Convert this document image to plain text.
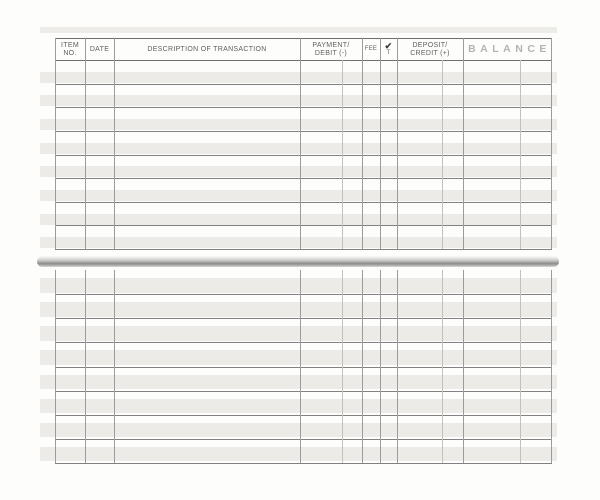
ITEM
NO.
DATE	DESCRIPTION OF TRANSACTION
PAYMENT/
DEBIT (-)
FEE ✔
T
DEPOSIT/
CREDIT (+)	BALANCE
